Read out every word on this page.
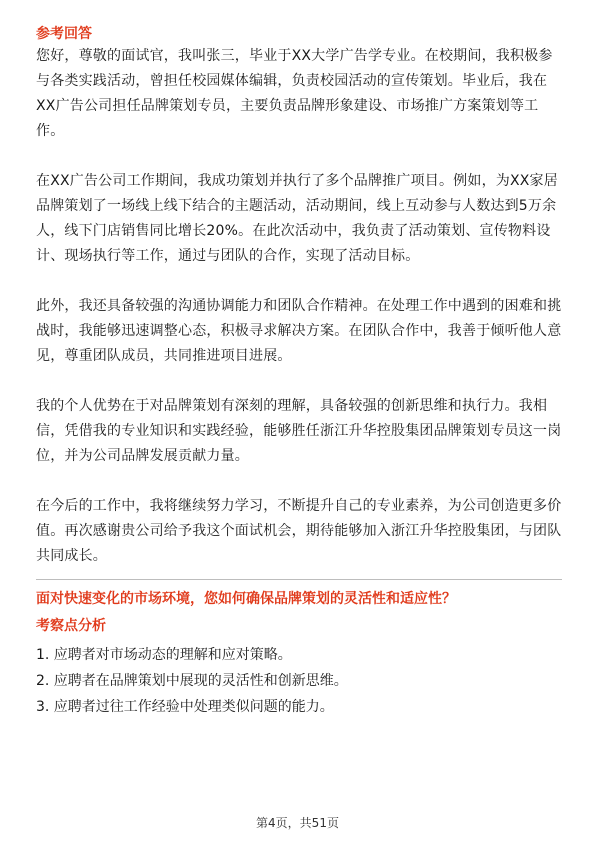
参考回答

您好，尊敬的面试官，我叫张三，毕业于XX大学广告学专业。在校期间，我积极参与各类实践活动，曾担任校园媒体编辑，负责校园活动的宣传策划。毕业后，我在XX广告公司担任品牌策划专员，主要负责品牌形象建设、市场推广方案策划等工作。

在XX广告公司工作期间，我成功策划并执行了多个品牌推广项目。例如，为XX家居品牌策划了一场线上线下结合的主题活动，活动期间，线上互动参与人数达到5万余人，线下门店销售同比增长20%。在此次活动中，我负责了活动策划、宣传物料设计、现场执行等工作，通过与团队的合作，实现了活动目标。

此外，我还具备较强的沟通协调能力和团队合作精神。在处理工作中遇到的困难和挑战时，我能够迅速调整心态，积极寻求解决方案。在团队合作中，我善于倾听他人意见，尊重团队成员，共同推进项目进展。

我的个人优势在于对品牌策划有深刻的理解，具备较强的创新思维和执行力。我相信，凭借我的专业知识和实践经验，能够胜任浙江升华控股集团品牌策划专员这一岗位，并为公司品牌发展贡献力量。

在今后的工作中，我将继续努力学习，不断提升自己的专业素养，为公司创造更多价值。再次感谢贵公司给予我这个面试机会，期待能够加入浙江升华控股集团，与团队共同成长。

面对快速变化的市场环境，您如何确保品牌策划的灵活性和适应性？

考察点分析

1. 应聘者对市场动态的理解和应对策略。

2. 应聘者在品牌策划中展现的灵活性和创新思维。

3. 应聘者过往工作经验中处理类似问题的能力。

第4页，共51页
